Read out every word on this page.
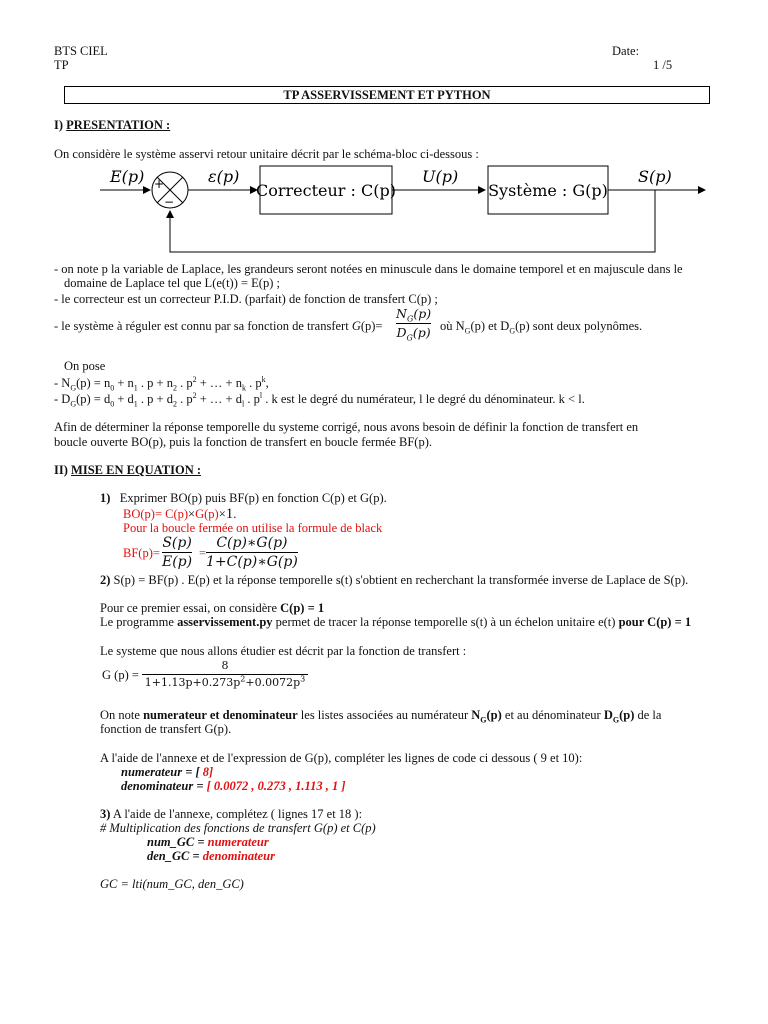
BTS CIEL
TP
Date:
1 /5
TP ASSERVISSEMENT ET PYTHON
I) PRESENTATION :
On considère le système asservi retour unitaire décrit par le schéma-bloc ci-dessous :
E(p)	ε(p)
Correcteur : C(p)
U(p)
Système : G(p)
S(p)
+
−
- on note p la variable de Laplace, les grandeurs seront notées en minuscule dans le domaine temporel et en majuscule dans le
domaine de Laplace tel que L(e(t)) = E(p) ;
- le correcteur est un correcteur P.I.D. (parfait) de fonction de transfert C(p) ;
- le système à réguler est connu par sa fonction de transfert G(p)=
$N_G(p)$
$D_G(p)$ où $N_G(p)$ et $D_G(p)$ sont deux polynômes.
On pose
- $N_G(p) = n_0 + n_1$ . $p + n_2$ . $p^2$ + … + $n_k$ . $p^k$,
- $D_G(p) = d_0 + d_1$ . $p + d_2$ . $p^2$ + … + $d_l$ . $p^l$ . k est le degré du numérateur, l le degré du dénominateur. k < l.
Afin de déterminer la réponse temporelle du systeme corrigé, nous avons besoin de définir la fonction de transfert en
boucle ouverte BO(p), puis la fonction de transfert en boucle fermée BF(p).
II) MISE EN EQUATION :
1) Exprimer BO(p) puis BF(p) en fonction C(p) et G(p).
BO(p)= C(p)×G(p)×1.
Pour la boucle fermée on utilise la formule de black
BF(p)=
S(p)
E(p)
=
C(p)∗G(p)
1+C(p)∗G(p)
2) S(p) = BF(p) . E(p) et la réponse temporelle s(t) s'obtient en recherchant la transformée inverse de Laplace de S(p).
Pour ce premier essai, on considère C(p) = 1
Le programme asservissement.py permet de tracer la réponse temporelle s(t) à un échelon unitaire e(t) pour C(p) = 1
Le systeme que nous allons étudier est décrit par la fonction de transfert :
G (p) =
8
$1+1.13p+0.273p^2+0.0072p^3$
On note numerateur et denominateur les listes associées au numérateur $N_G(p)$ et au dénominateur $D_G(p)$ de la
fonction de transfert G(p).
A l'aide de l'annexe et de l'expression de G(p), compléter les lignes de code ci dessous ( 9 et 10):
numerateur = [ 8]
denominateur = [ 0.0072 , 0.273 , 1.113 , 1 ]
3) A l'aide de l'annexe, complétez ( lignes 17 et 18 ):
# Multiplication des fonctions de transfert G(p) et C(p)
num_GC = numerateur
den_GC = denominateur
GC = lti(num_GC, den_GC)
